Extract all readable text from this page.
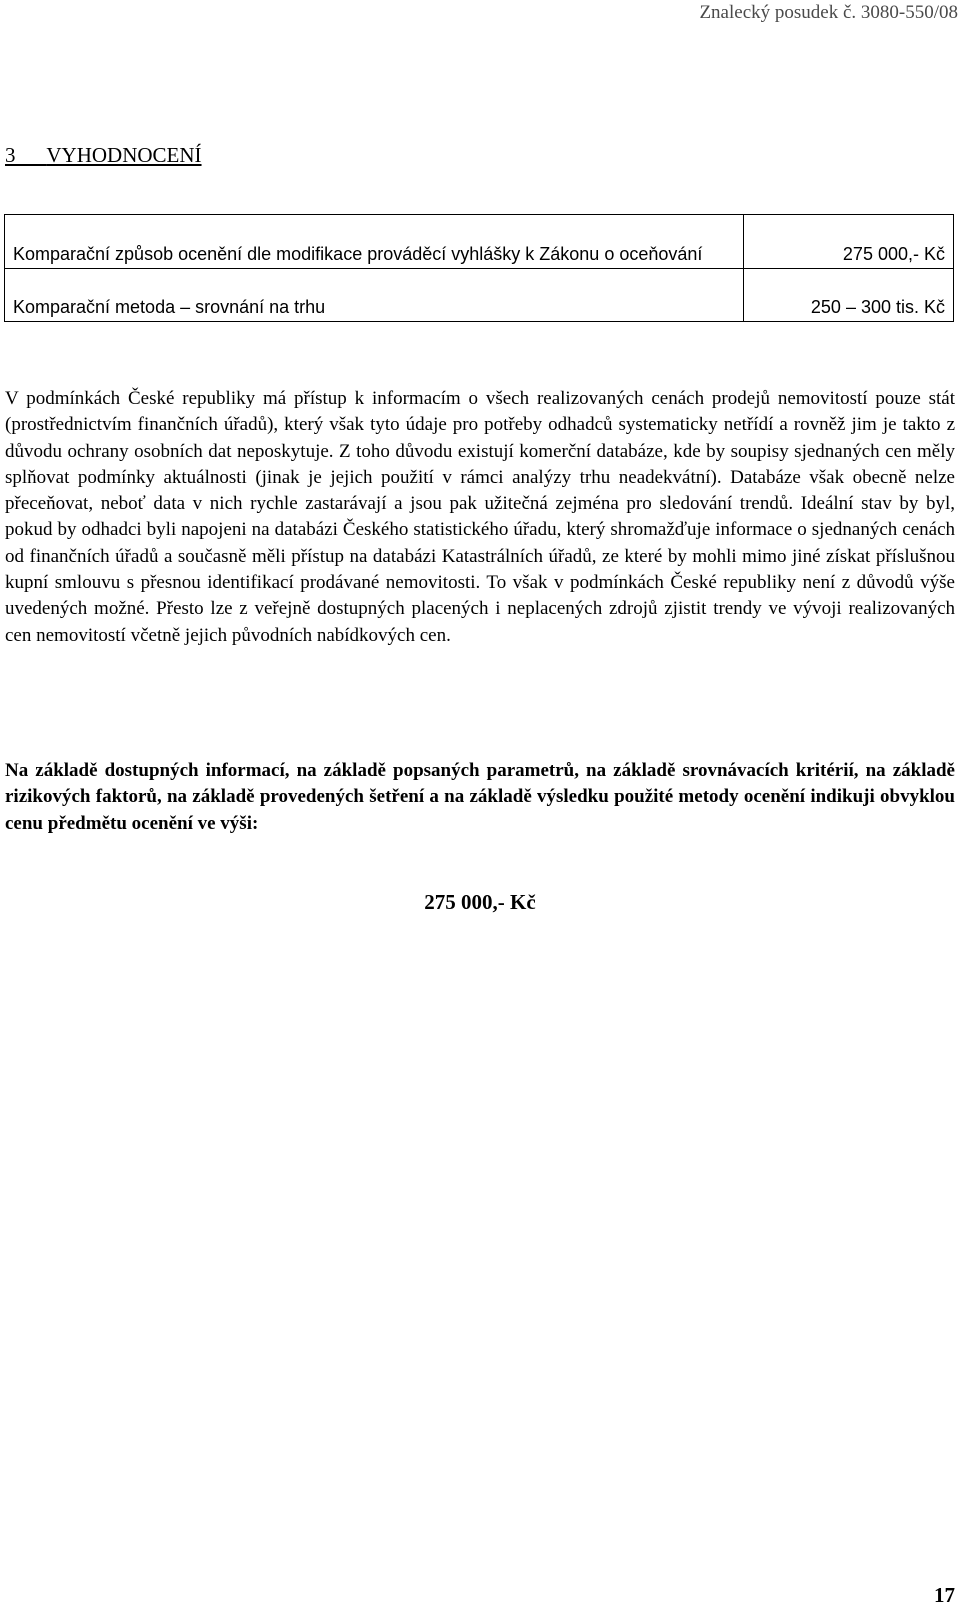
Znalecký posudek č. 3080-550/08
3 VYHODNOCENÍ
Komparační způsob ocenění dle modifikace prováděcí vyhlášky k Zákonu o oceňování	275 000,- Kč
Komparační metoda – srovnání na trhu	250 – 300 tis. Kč

V podmínkách České republiky má přístup k informacím o všech realizovaných cenách prodejů nemovitostí pouze stát (prostřednictvím finančních úřadů), který však tyto údaje pro potřeby odhadců systematicky netřídí a rovněž jim je takto z důvodu ochrany osobních dat neposkytuje. Z toho důvodu existují komerční databáze, kde by soupisy sjednaných cen měly splňovat podmínky aktuálnosti (jinak je jejich použití v rámci analýzy trhu neadekvátní). Databáze však obecně nelze přeceňovat, neboť data v nich rychle zastarávají a jsou pak užitečná zejména pro sledování trendů. Ideální stav by byl, pokud by odhadci byli napojeni na databázi Českého statistického úřadu, který shromažďuje informace o sjednaných cenách od finančních úřadů a současně měli přístup na databázi Katastrálních úřadů, ze které by mohli mimo jiné získat příslušnou kupní smlouvu s přesnou identifikací prodávané nemovitosti. To však v podmínkách České republiky není z důvodů výše uvedených možné. Přesto lze z veřejně dostupných placených i neplacených zdrojů zjistit trendy ve vývoji realizovaných cen nemovitostí včetně jejich původních nabídkových cen.

Na základě dostupných informací, na základě popsaných parametrů, na základě srovnávacích kritérií, na základě rizikových faktorů, na základě provedených šetření a na základě výsledku použité metody ocenění indikuji obvyklou cenu předmětu ocenění ve výši:

275 000,- Kč
17
